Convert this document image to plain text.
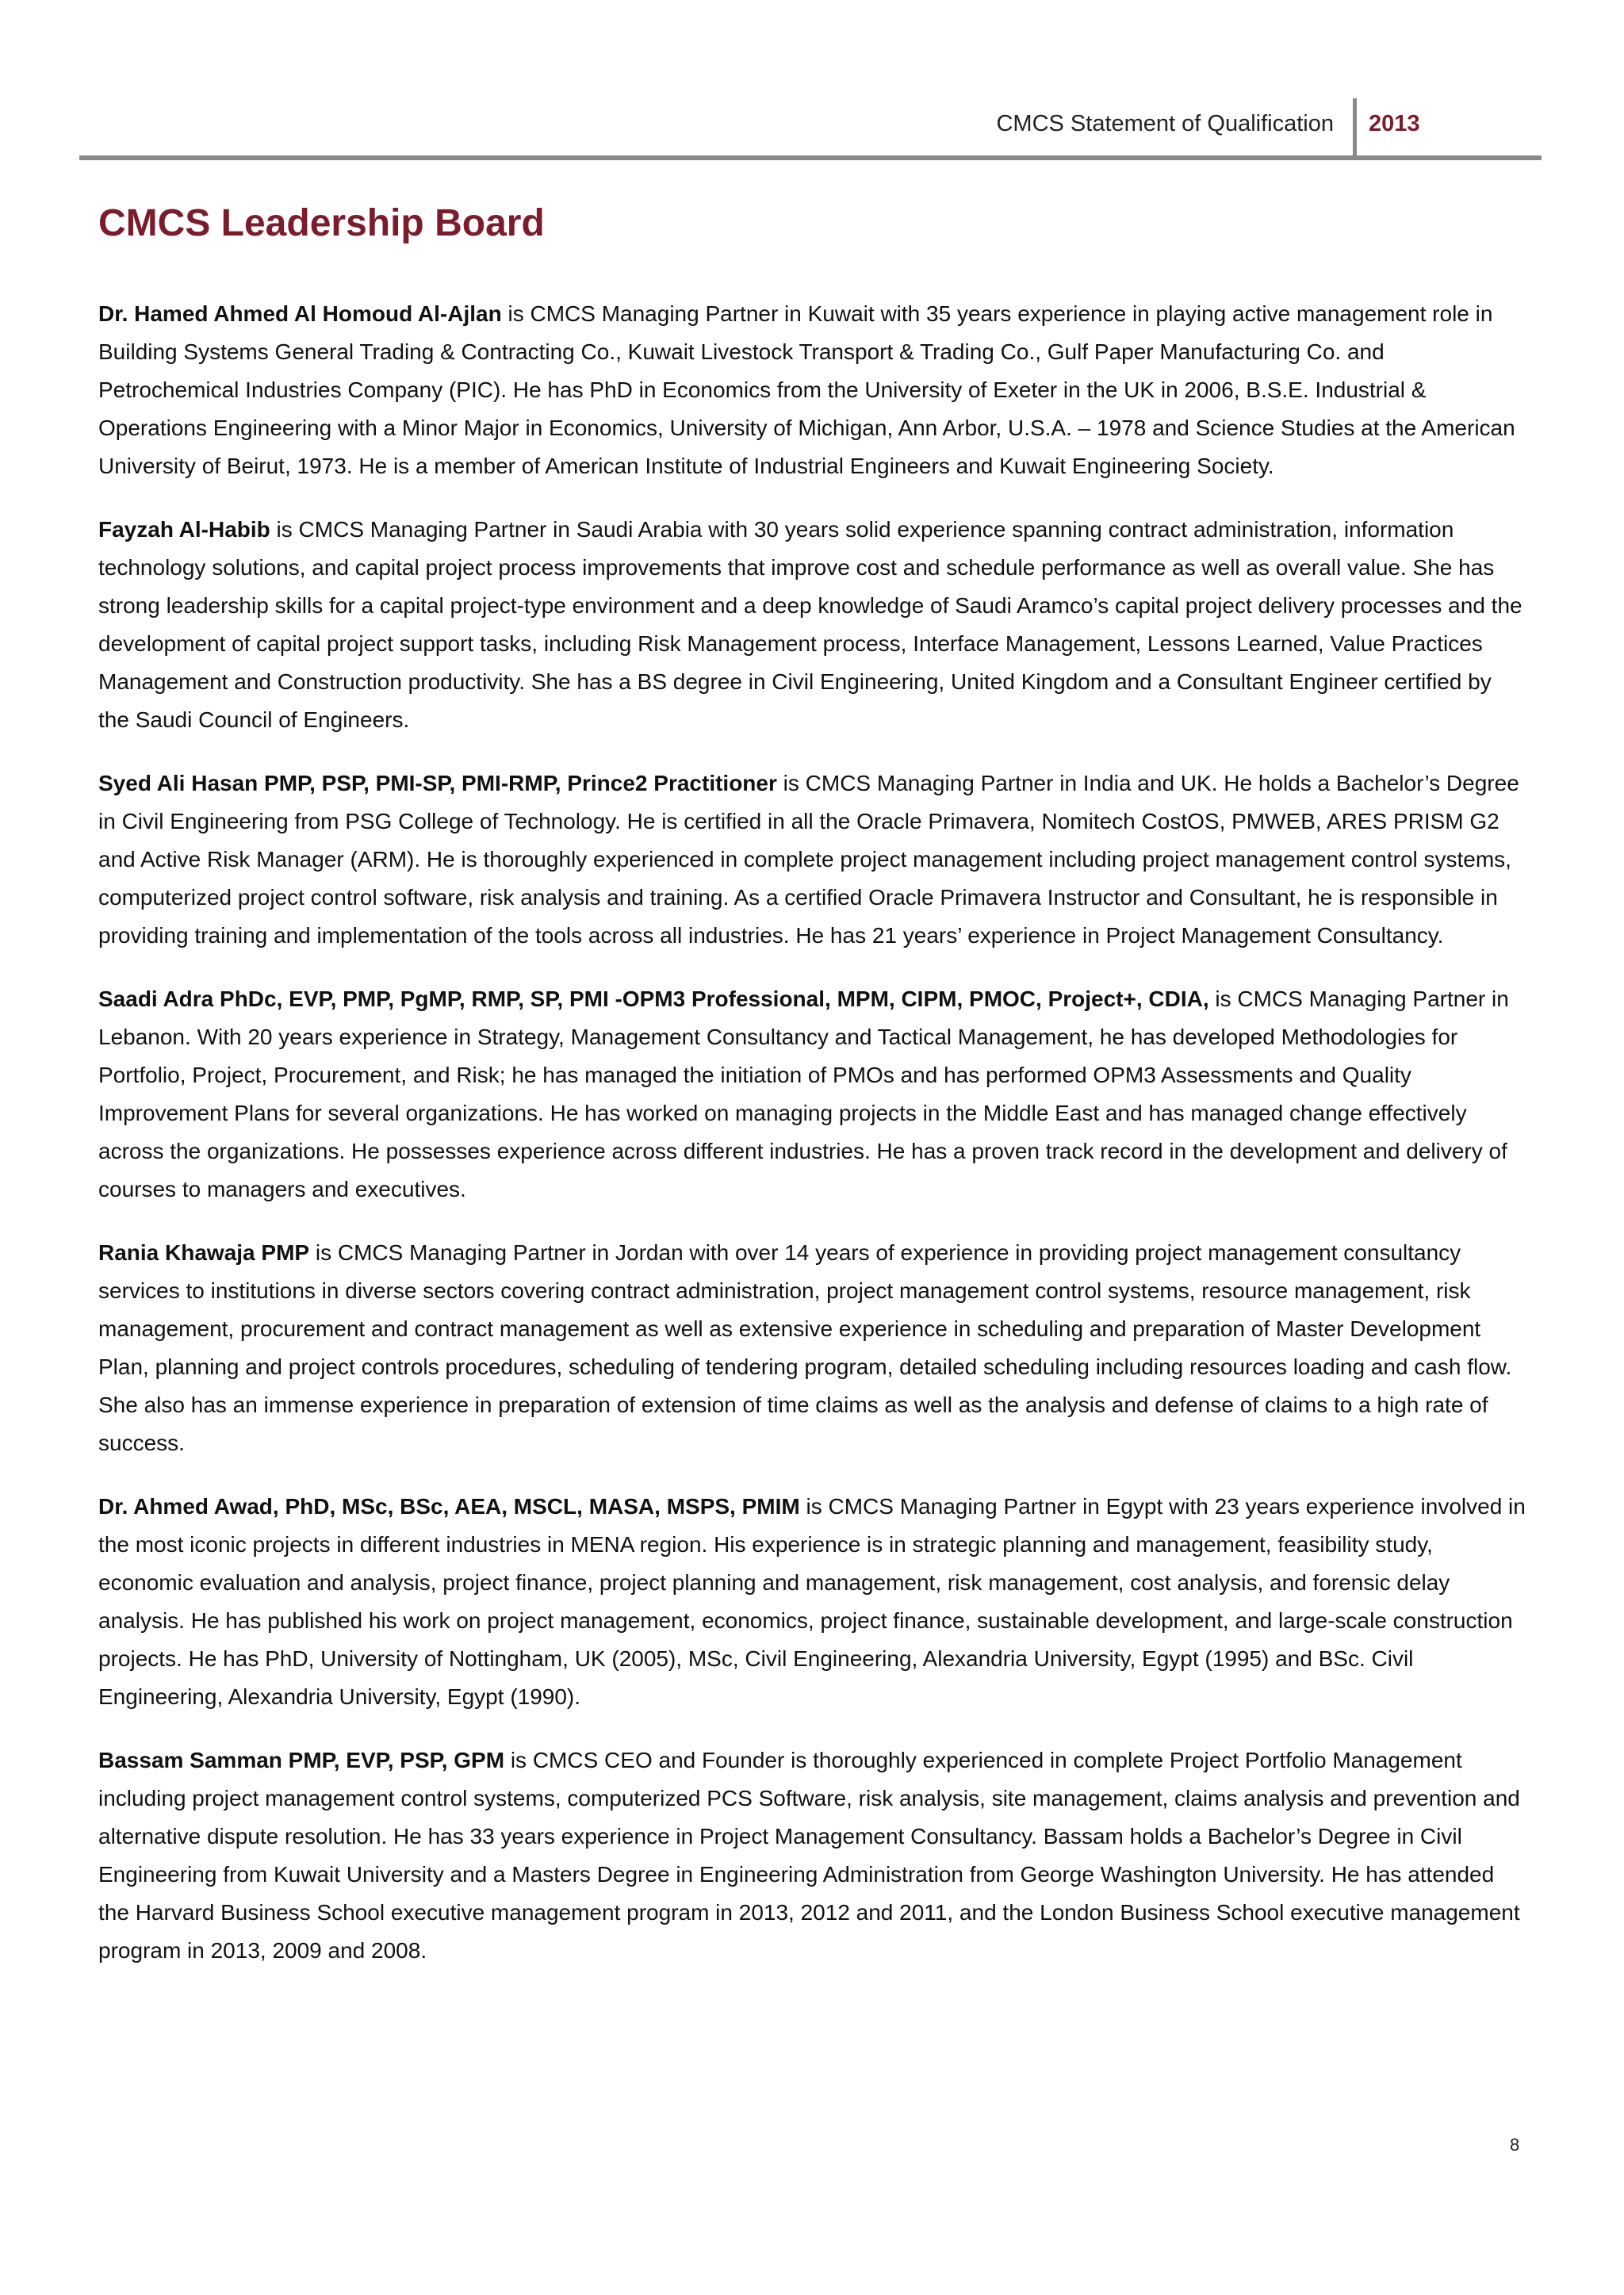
CMCS Statement of Qualification 2013
CMCS Leadership Board

Dr. Hamed Ahmed Al Homoud Al-Ajlan is CMCS Managing Partner in Kuwait with 35 years experience in playing active management role in Building Systems General Trading & Contracting Co., Kuwait Livestock Transport & Trading Co., Gulf Paper Manufacturing Co. and Petrochemical Industries Company (PIC). He has PhD in Economics from the University of Exeter in the UK in 2006, B.S.E. Industrial & Operations Engineering with a Minor Major in Economics, University of Michigan, Ann Arbor, U.S.A. – 1978 and Science Studies at the American University of Beirut, 1973. He is a member of American Institute of Industrial Engineers and Kuwait Engineering Society.

Fayzah Al-Habib is CMCS Managing Partner in Saudi Arabia with 30 years solid experience spanning contract administration, information technology solutions, and capital project process improvements that improve cost and schedule performance as well as overall value. She has strong leadership skills for a capital project-type environment and a deep knowledge of Saudi Aramco’s capital project delivery processes and the development of capital project support tasks, including Risk Management process, Interface Management, Lessons Learned, Value Practices Management and Construction productivity. She has a BS degree in Civil Engineering, United Kingdom and a Consultant Engineer certified by the Saudi Council of Engineers.

Syed Ali Hasan PMP, PSP, PMI-SP, PMI-RMP, Prince2 Practitioner is CMCS Managing Partner in India and UK. He holds a Bachelor’s Degree in Civil Engineering from PSG College of Technology. He is certified in all the Oracle Primavera, Nomitech CostOS, PMWEB, ARES PRISM G2 and Active Risk Manager (ARM). He is thoroughly experienced in complete project management including project management control systems, computerized project control software, risk analysis and training. As a certified Oracle Primavera Instructor and Consultant, he is responsible in providing training and implementation of the tools across all industries. He has 21 years’ experience in Project Management Consultancy.

Saadi Adra PhDc, EVP, PMP, PgMP, RMP, SP, PMI -OPM3 Professional, MPM, CIPM, PMOC, Project+, CDIA, is CMCS Managing Partner in Lebanon. With 20 years experience in Strategy, Management Consultancy and Tactical Management, he has developed Methodologies for Portfolio, Project, Procurement, and Risk; he has managed the initiation of PMOs and has performed OPM3 Assessments and Quality Improvement Plans for several organizations. He has worked on managing projects in the Middle East and has managed change effectively across the organizations. He possesses experience across different industries. He has a proven track record in the development and delivery of courses to managers and executives.

Rania Khawaja PMP is CMCS Managing Partner in Jordan with over 14 years of experience in providing project management consultancy services to institutions in diverse sectors covering contract administration, project management control systems, resource management, risk management, procurement and contract management as well as extensive experience in scheduling and preparation of Master Development Plan, planning and project controls procedures, scheduling of tendering program, detailed scheduling including resources loading and cash flow. She also has an immense experience in preparation of extension of time claims as well as the analysis and defense of claims to a high rate of success.

Dr. Ahmed Awad, PhD, MSc, BSc, AEA, MSCL, MASA, MSPS, PMIM is CMCS Managing Partner in Egypt with 23 years experience involved in the most iconic projects in different industries in MENA region. His experience is in strategic planning and management, feasibility study, economic evaluation and analysis, project finance, project planning and management, risk management, cost analysis, and forensic delay analysis. He has published his work on project management, economics, project finance, sustainable development, and large-scale construction projects. He has PhD, University of Nottingham, UK (2005), MSc, Civil Engineering, Alexandria University, Egypt (1995) and BSc. Civil Engineering, Alexandria University, Egypt (1990).

Bassam Samman PMP, EVP, PSP, GPM is CMCS CEO and Founder is thoroughly experienced in complete Project Portfolio Management including project management control systems, computerized PCS Software, risk analysis, site management, claims analysis and prevention and alternative dispute resolution. He has 33 years experience in Project Management Consultancy. Bassam holds a Bachelor’s Degree in Civil Engineering from Kuwait University and a Masters Degree in Engineering Administration from George Washington University. He has attended the Harvard Business School executive management program in 2013, 2012 and 2011, and the London Business School executive management program in 2013, 2009 and 2008.

8
